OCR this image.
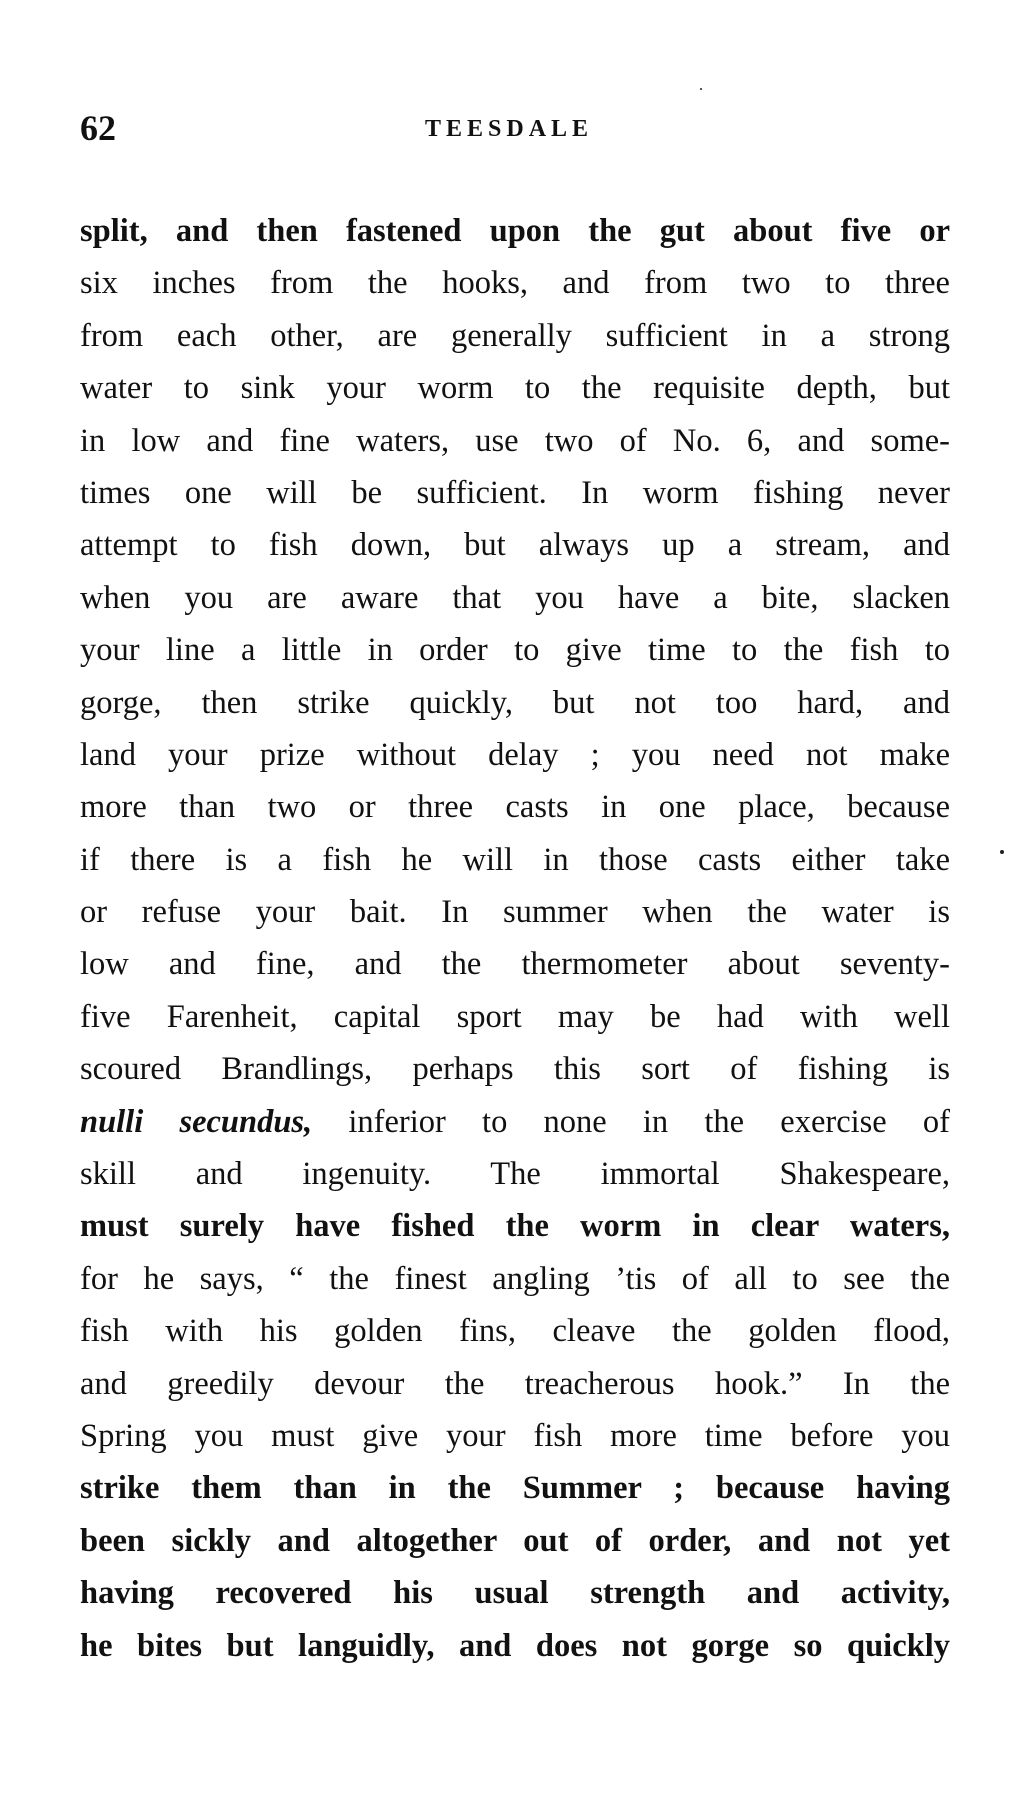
62	TEESDALE
split, and then fastened upon the gut about five or
six inches from the hooks, and from two to three
from each other, are generally sufficient in a strong
water to sink your worm to the requisite depth, but
in low and fine waters, use two of No. 6, and some-
times one will be sufficient. In worm fishing never
attempt to fish down, but always up a stream, and
when you are aware that you have a bite, slacken
your line a little in order to give time to the fish to
gorge, then strike quickly, but not too hard, and
land your prize without delay ; you need not make
more than two or three casts in one place, because
if there is a fish he will in those casts either take
or refuse your bait. In summer when the water is
low and fine, and the thermometer about seventy-
five Farenheit, capital sport may be had with well
scoured Brandlings, perhaps this sort of fishing is
nulli secundus, inferior to none in the exercise of
skill and ingenuity. The immortal Shakespeare,
must surely have fished the worm in clear waters,
for he says, “ the finest angling ’tis of all to see the
fish with his golden fins, cleave the golden flood,
and greedily devour the treacherous hook.” In the
Spring you must give your fish more time before you
strike them than in the Summer ; because having
been sickly and altogether out of order, and not yet
having recovered his usual strength and activity,
he bites but languidly, and does not gorge so quickly
